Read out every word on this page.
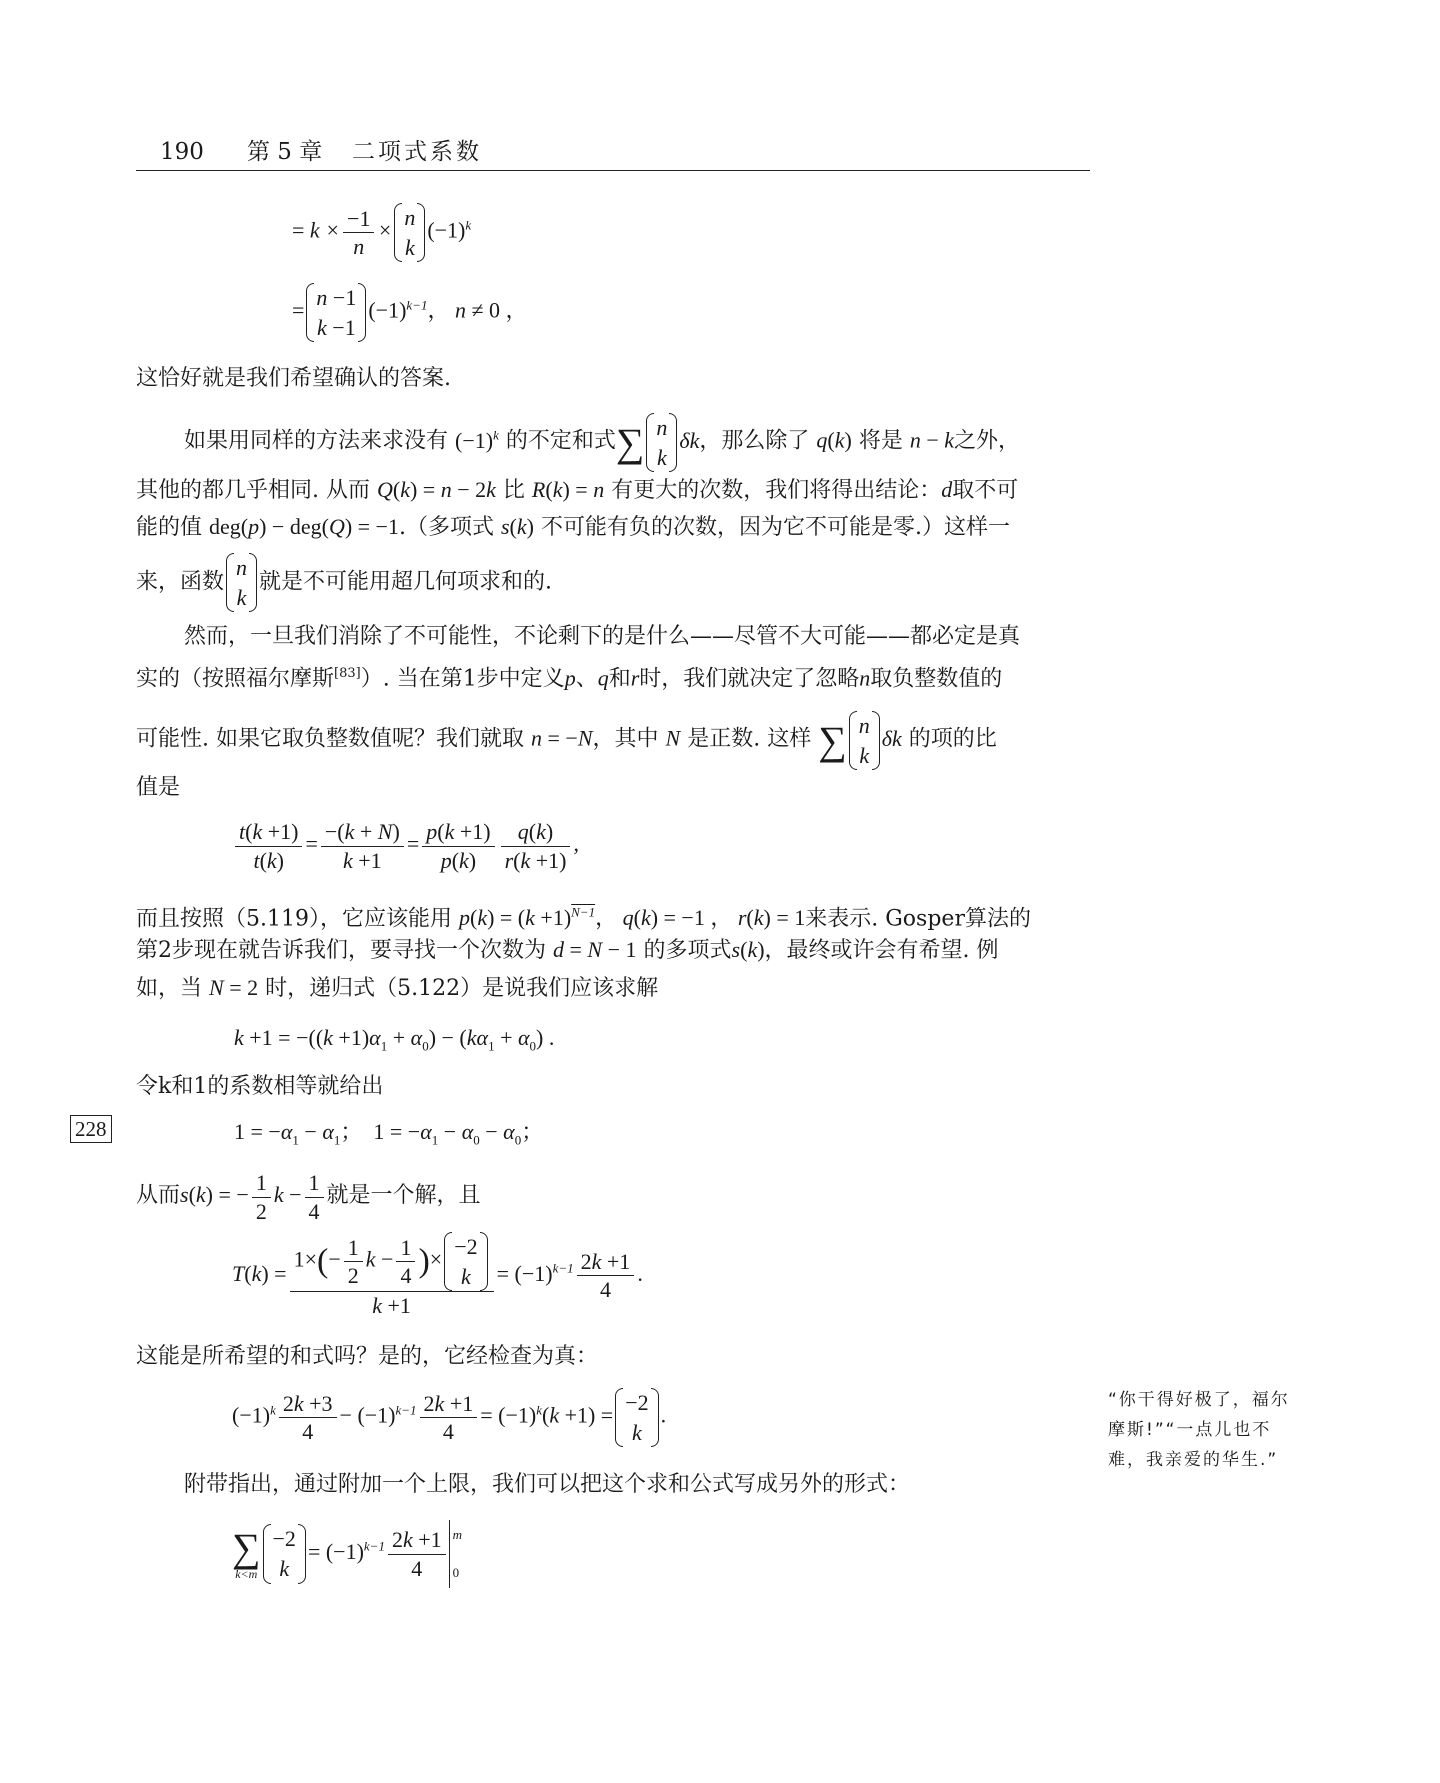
190 第 5 章 二项式系数
= $k \times \frac{-1}{n}$ ×
n
k
$(-1)^k$
=
n −1
k −1
$(-1)^{k-1}$， n ≠ 0 ，
这恰好就是我们希望确认的答案.
如果用同样的方法来求没有 $(-1)^k$ 的不定和式∑ n
k
δk，那么除了 q(k) 将是 n − k之外，
其他的都几乎相同. 从而 Q(k) = n − 2k 比 R(k) = n 有更大的次数，我们将得出结论：d取不可
能的值 deg(p) − deg(Q) = −1.（多项式 s(k) 不可能有负的次数，因为它不可能是零.）这样一
来，函数
n
k
就是不可能用超几何项求和的.
然而，一旦我们消除了不可能性，不论剩下的是什么——尽管不大可能——都必定是真
实的（按照福尔摩斯[83]）. 当在第1步中定义p、q和r时，我们就决定了忽略n取负整数值的
可能性. 如果它取负整数值呢？我们就取 n = −N，其中 N 是正数. 这样 ∑ n
k
δk 的项的比
值是
$\frac{t(k +1)}{t(k)} = \frac{-(k + N)}{k +1} = \frac{p(k +1)}{p(k)} \frac{q(k)}{r(k +1)}$ ,
而且按照（5.119），它应该能用 $p(k) = (k +1)^{N-1}$， q(k) = −1 ， r(k) = 1来表示. Gosper算法的
第2步现在就告诉我们，要寻找一个次数为 d = N − 1 的多项式s(k)，最终或许会有希望. 例
如，当 N = 2 时，递归式（5.122）是说我们应该求解
$k +1 = -((k +1)\alpha_1 + \alpha_0) - (k\alpha_1 + \alpha_0)$ .
令k和1的系数相等就给出
228	$1 = -\alpha_1 - \alpha_1$；  $1 = -\alpha_1 - \alpha_0 - \alpha_0$；
从而s(k) = − $\frac{1}{2}$ $k - \frac{1}{4}$ 就是一个解，且
$T(k) = 1\times(- \frac{1}{2}$ $k - \frac{1}{4}$ )×
−2
k
$k +1 = (-1)^{k-1} \frac{2k +1}{4}$ .
这能是所希望的和式吗？是的，它经检查为真：
$(-1)^k \frac{2k +3}{4} - (-1)^{k-1} \frac{2k +1}{4} = (-1)^k(k +1)$ =
−2
k
.
“你干得好极了，福尔摩斯!”“一点儿也不难，我亲爱的华生.”
附带指出，通过附加一个上限，我们可以把这个求和公式写成另外的形式：
∑
k<m
−2
k
= $(-1)^{k-1} \frac{2k +1}{4}$ m
0
